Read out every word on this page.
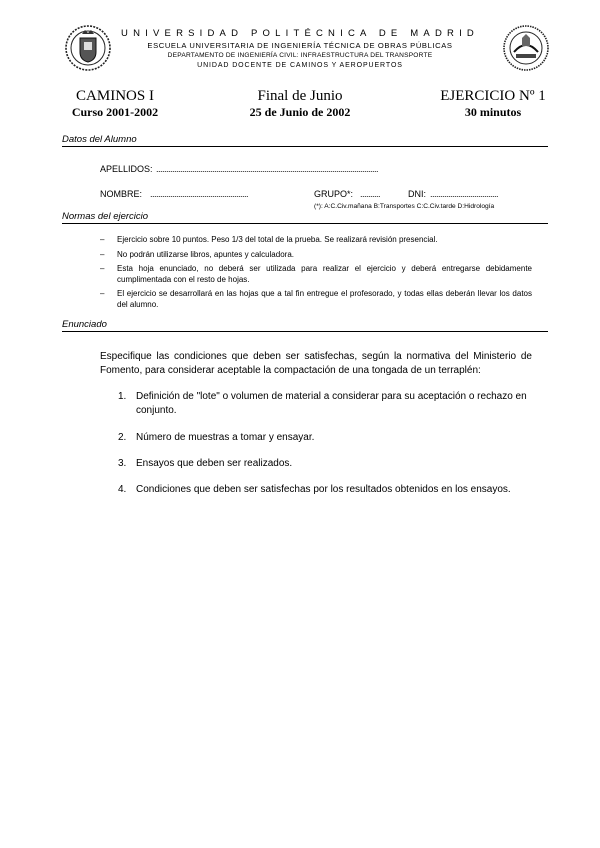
UNIVERSIDAD POLITÉCNICA DE MADRID
ESCUELA UNIVERSITARIA DE INGENIERÍA TÉCNICA DE OBRAS PÚBLICAS
DEPARTAMENTO DE INGENIERÍA CIVIL: INFRAESTRUCTURA DEL TRANSPORTE
UNIDAD DOCENTE DE CAMINOS Y AEROPUERTOS
CAMINOS I
Curso 2001-2002
Final de Junio
25 de Junio de 2002
EJERCICIO Nº 1
30 minutos
Datos del Alumno
APELLIDOS: ...............................................................................................................
NOMBRE: .................................................	GRUPO*: ..........	DNI: ..................................
(*): A:C.Civ.mañana B:Transportes C:C.Civ.tarde D:Hidrología
Normas del ejercicio
– Ejercicio sobre 10 puntos. Peso 1/3 del total de la prueba. Se realizará revisión presencial.
– No podrán utilizarse libros, apuntes y calculadora.
– Esta hoja enunciado, no deberá ser utilizada para realizar el ejercicio y deberá entregarse debidamente cumplimentada con el resto de hojas.
– El ejercicio se desarrollará en las hojas que a tal fin entregue el profesorado, y todas ellas deberán llevar los datos del alumno.
Enunciado
Especifique las condiciones que deben ser satisfechas, según la normativa del Ministerio de Fomento, para considerar aceptable la compactación de una tongada de un terraplén:
1. Definición de "lote" o volumen de material a considerar para su aceptación o rechazo en conjunto.
2. Número de muestras a tomar y ensayar.
3. Ensayos que deben ser realizados.
4. Condiciones que deben ser satisfechas por los resultados obtenidos en los ensayos.
